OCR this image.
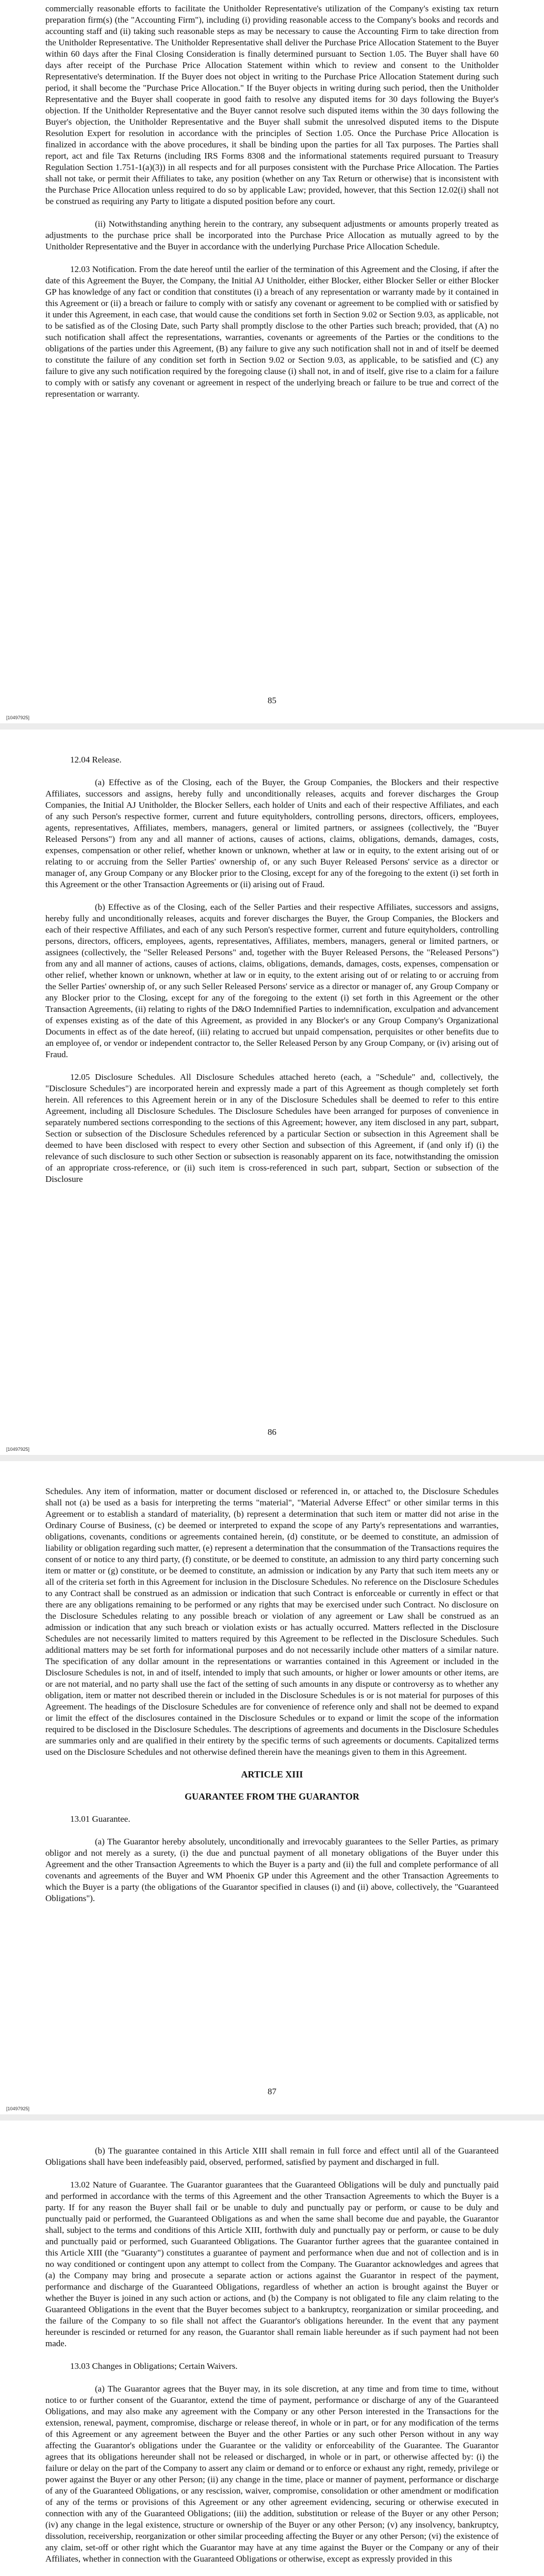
commercially reasonable efforts to facilitate the Unitholder Representative's utilization of the Company's existing tax return preparation firm(s) (the "Accounting Firm"), including (i) providing reasonable access to the Company's books and records and accounting staff and (ii) taking such reasonable steps as may be necessary to cause the Accounting Firm to take direction from the Unitholder Representative. The Unitholder Representative shall deliver the Purchase Price Allocation Statement to the Buyer within 60 days after the Final Closing Consideration is finally determined pursuant to Section 1.05. The Buyer shall have 60 days after receipt of the Purchase Price Allocation Statement within which to review and consent to the Unitholder Representative's determination. If the Buyer does not object in writing to the Purchase Price Allocation Statement during such period, it shall become the "Purchase Price Allocation." If the Buyer objects in writing during such period, then the Unitholder Representative and the Buyer shall cooperate in good faith to resolve any disputed items for 30 days following the Buyer's objection. If the Unitholder Representative and the Buyer cannot resolve such disputed items within the 30 days following the Buyer's objection, the Unitholder Representative and the Buyer shall submit the unresolved disputed items to the Dispute Resolution Expert for resolution in accordance with the principles of Section 1.05. Once the Purchase Price Allocation is finalized in accordance with the above procedures, it shall be binding upon the parties for all Tax purposes. The Parties shall report, act and file Tax Returns (including IRS Forms 8308 and the informational statements required pursuant to Treasury Regulation Section 1.751-1(a)(3)) in all respects and for all purposes consistent with the Purchase Price Allocation. The Parties shall not take, or permit their Affiliates to take, any position (whether on any Tax Return or otherwise) that is inconsistent with the Purchase Price Allocation unless required to do so by applicable Law; provided, however, that this Section 12.02(i) shall not be construed as requiring any Party to litigate a disputed position before any court.

(ii) Notwithstanding anything herein to the contrary, any subsequent adjustments or amounts properly treated as adjustments to the purchase price shall be incorporated into the Purchase Price Allocation as mutually agreed to by the Unitholder Representative and the Buyer in accordance with the underlying Purchase Price Allocation Schedule.

12.03 Notification. From the date hereof until the earlier of the termination of this Agreement and the Closing, if after the date of this Agreement the Buyer, the Company, the Initial AJ Unitholder, either Blocker, either Blocker Seller or either Blocker GP has knowledge of any fact or condition that constitutes (i) a breach of any representation or warranty made by it contained in this Agreement or (ii) a breach or failure to comply with or satisfy any covenant or agreement to be complied with or satisfied by it under this Agreement, in each case, that would cause the conditions set forth in Section 9.02 or Section 9.03, as applicable, not to be satisfied as of the Closing Date, such Party shall promptly disclose to the other Parties such breach; provided, that (A) no such notification shall affect the representations, warranties, covenants or agreements of the Parties or the conditions to the obligations of the parties under this Agreement, (B) any failure to give any such notification shall not in and of itself be deemed to constitute the failure of any condition set forth in Section 9.02 or Section 9.03, as applicable, to be satisfied and (C) any failure to give any such notification required by the foregoing clause (i) shall not, in and of itself, give rise to a claim for a failure to comply with or satisfy any covenant or agreement in respect of the underlying breach or failure to be true and correct of the representation or warranty.

85
[10497925]

12.04 Release.

(a) Effective as of the Closing, each of the Buyer, the Group Companies, the Blockers and their respective Affiliates, successors and assigns, hereby fully and unconditionally releases, acquits and forever discharges the Group Companies, the Initial AJ Unitholder, the Blocker Sellers, each holder of Units and each of their respective Affiliates, and each of any such Person's respective former, current and future equityholders, controlling persons, directors, officers, employees, agents, representatives, Affiliates, members, managers, general or limited partners, or assignees (collectively, the "Buyer Released Persons") from any and all manner of actions, causes of actions, claims, obligations, demands, damages, costs, expenses, compensation or other relief, whether known or unknown, whether at law or in equity, to the extent arising out of or relating to or accruing from the Seller Parties' ownership of, or any such Buyer Released Persons' service as a director or manager of, any Group Company or any Blocker prior to the Closing, except for any of the foregoing to the extent (i) set forth in this Agreement or the other Transaction Agreements or (ii) arising out of Fraud.

(b) Effective as of the Closing, each of the Seller Parties and their respective Affiliates, successors and assigns, hereby fully and unconditionally releases, acquits and forever discharges the Buyer, the Group Companies, the Blockers and each of their respective Affiliates, and each of any such Person's respective former, current and future equityholders, controlling persons, directors, officers, employees, agents, representatives, Affiliates, members, managers, general or limited partners, or assignees (collectively, the "Seller Released Persons" and, together with the Buyer Released Persons, the "Released Persons") from any and all manner of actions, causes of actions, claims, obligations, demands, damages, costs, expenses, compensation or other relief, whether known or unknown, whether at law or in equity, to the extent arising out of or relating to or accruing from the Seller Parties' ownership of, or any such Seller Released Persons' service as a director or manager of, any Group Company or any Blocker prior to the Closing, except for any of the foregoing to the extent (i) set forth in this Agreement or the other Transaction Agreements, (ii) relating to rights of the D&O Indemnified Parties to indemnification, exculpation and advancement of expenses existing as of the date of this Agreement, as provided in any Blocker's or any Group Company's Organizational Documents in effect as of the date hereof, (iii) relating to accrued but unpaid compensation, perquisites or other benefits due to an employee of, or vendor or independent contractor to, the Seller Released Person by any Group Company, or (iv) arising out of Fraud.

12.05 Disclosure Schedules. All Disclosure Schedules attached hereto (each, a "Schedule" and, collectively, the "Disclosure Schedules") are incorporated herein and expressly made a part of this Agreement as though completely set forth herein. All references to this Agreement herein or in any of the Disclosure Schedules shall be deemed to refer to this entire Agreement, including all Disclosure Schedules. The Disclosure Schedules have been arranged for purposes of convenience in separately numbered sections corresponding to the sections of this Agreement; however, any item disclosed in any part, subpart, Section or subsection of the Disclosure Schedules referenced by a particular Section or subsection in this Agreement shall be deemed to have been disclosed with respect to every other Section and subsection of this Agreement, if (and only if) (i) the relevance of such disclosure to such other Section or subsection is reasonably apparent on its face, notwithstanding the omission of an appropriate cross-reference, or (ii) such item is cross-referenced in such part, subpart, Section or subsection of the Disclosure

86
[10497925]

Schedules. Any item of information, matter or document disclosed or referenced in, or attached to, the Disclosure Schedules shall not (a) be used as a basis for interpreting the terms "material", "Material Adverse Effect" or other similar terms in this Agreement or to establish a standard of materiality, (b) represent a determination that such item or matter did not arise in the Ordinary Course of Business, (c) be deemed or interpreted to expand the scope of any Party's representations and warranties, obligations, covenants, conditions or agreements contained herein, (d) constitute, or be deemed to constitute, an admission of liability or obligation regarding such matter, (e) represent a determination that the consummation of the Transactions requires the consent of or notice to any third party, (f) constitute, or be deemed to constitute, an admission to any third party concerning such item or matter or (g) constitute, or be deemed to constitute, an admission or indication by any Party that such item meets any or all of the criteria set forth in this Agreement for inclusion in the Disclosure Schedules. No reference on the Disclosure Schedules to any Contract shall be construed as an admission or indication that such Contract is enforceable or currently in effect or that there are any obligations remaining to be performed or any rights that may be exercised under such Contract. No disclosure on the Disclosure Schedules relating to any possible breach or violation of any agreement or Law shall be construed as an admission or indication that any such breach or violation exists or has actually occurred. Matters reflected in the Disclosure Schedules are not necessarily limited to matters required by this Agreement to be reflected in the Disclosure Schedules. Such additional matters may be set forth for informational purposes and do not necessarily include other matters of a similar nature. The specification of any dollar amount in the representations or warranties contained in this Agreement or included in the Disclosure Schedules is not, in and of itself, intended to imply that such amounts, or higher or lower amounts or other items, are or are not material, and no party shall use the fact of the setting of such amounts in any dispute or controversy as to whether any obligation, item or matter not described therein or included in the Disclosure Schedules is or is not material for purposes of this Agreement. The headings of the Disclosure Schedules are for convenience of reference only and shall not be deemed to expand or limit the effect of the disclosures contained in the Disclosure Schedules or to expand or limit the scope of the information required to be disclosed in the Disclosure Schedules. The descriptions of agreements and documents in the Disclosure Schedules are summaries only and are qualified in their entirety by the specific terms of such agreements or documents. Capitalized terms used on the Disclosure Schedules and not otherwise defined therein have the meanings given to them in this Agreement.

ARTICLE XIII
GUARANTEE FROM THE GUARANTOR

13.01 Guarantee.

(a) The Guarantor hereby absolutely, unconditionally and irrevocably guarantees to the Seller Parties, as primary obligor and not merely as a surety, (i) the due and punctual payment of all monetary obligations of the Buyer under this Agreement and the other Transaction Agreements to which the Buyer is a party and (ii) the full and complete performance of all covenants and agreements of the Buyer and WM Phoenix GP under this Agreement and the other Transaction Agreements to which the Buyer is a party (the obligations of the Guarantor specified in clauses (i) and (ii) above, collectively, the "Guaranteed Obligations").

87
[10497925]

(b) The guarantee contained in this Article XIII shall remain in full force and effect until all of the Guaranteed Obligations shall have been indefeasibly paid, observed, performed, satisfied by payment and discharged in full.

13.02 Nature of Guarantee. The Guarantor guarantees that the Guaranteed Obligations will be duly and punctually paid and performed in accordance with the terms of this Agreement and the other Transaction Agreements to which the Buyer is a party. If for any reason the Buyer shall fail or be unable to duly and punctually pay or perform, or cause to be duly and punctually paid or performed, the Guaranteed Obligations as and when the same shall become due and payable, the Guarantor shall, subject to the terms and conditions of this Article XIII, forthwith duly and punctually pay or perform, or cause to be duly and punctually paid or performed, such Guaranteed Obligations. The Guarantor further agrees that the guarantee contained in this Article XIII (the "Guaranty") constitutes a guarantee of payment and performance when due and not of collection and is in no way conditioned or contingent upon any attempt to collect from the Company. The Guarantor acknowledges and agrees that (a) the Company may bring and prosecute a separate action or actions against the Guarantor in respect of the payment, performance and discharge of the Guaranteed Obligations, regardless of whether an action is brought against the Buyer or whether the Buyer is joined in any such action or actions, and (b) the Company is not obligated to file any claim relating to the Guaranteed Obligations in the event that the Buyer becomes subject to a bankruptcy, reorganization or similar proceeding, and the failure of the Company to so file shall not affect the Guarantor's obligations hereunder. In the event that any payment hereunder is rescinded or returned for any reason, the Guarantor shall remain liable hereunder as if such payment had not been made.

13.03 Changes in Obligations; Certain Waivers.

(a) The Guarantor agrees that the Buyer may, in its sole discretion, at any time and from time to time, without notice to or further consent of the Guarantor, extend the time of payment, performance or discharge of any of the Guaranteed Obligations, and may also make any agreement with the Company or any other Person interested in the Transactions for the extension, renewal, payment, compromise, discharge or release thereof, in whole or in part, or for any modification of the terms of this Agreement or any agreement between the Buyer and the other Parties or any such other Person without in any way affecting the Guarantor's obligations under the Guarantee or the validity or enforceability of the Guarantee. The Guarantor agrees that its obligations hereunder shall not be released or discharged, in whole or in part, or otherwise affected by: (i) the failure or delay on the part of the Company to assert any claim or demand or to enforce or exhaust any right, remedy, privilege or power against the Buyer or any other Person; (ii) any change in the time, place or manner of payment, performance or discharge of any of the Guaranteed Obligations, or any rescission, waiver, compromise, consolidation or other amendment or modification of any of the terms or provisions of this Agreement or any other agreement evidencing, securing or otherwise executed in connection with any of the Guaranteed Obligations; (iii) the addition, substitution or release of the Buyer or any other Person; (iv) any change in the legal existence, structure or ownership of the Buyer or any other Person; (v) any insolvency, bankruptcy, dissolution, receivership, reorganization or other similar proceeding affecting the Buyer or any other Person; (vi) the existence of any claim, set-off or other right which the Guarantor may have at any time against the Buyer or the Company or any of their Affiliates, whether in connection with the Guaranteed Obligations or otherwise, except as expressly provided in this
